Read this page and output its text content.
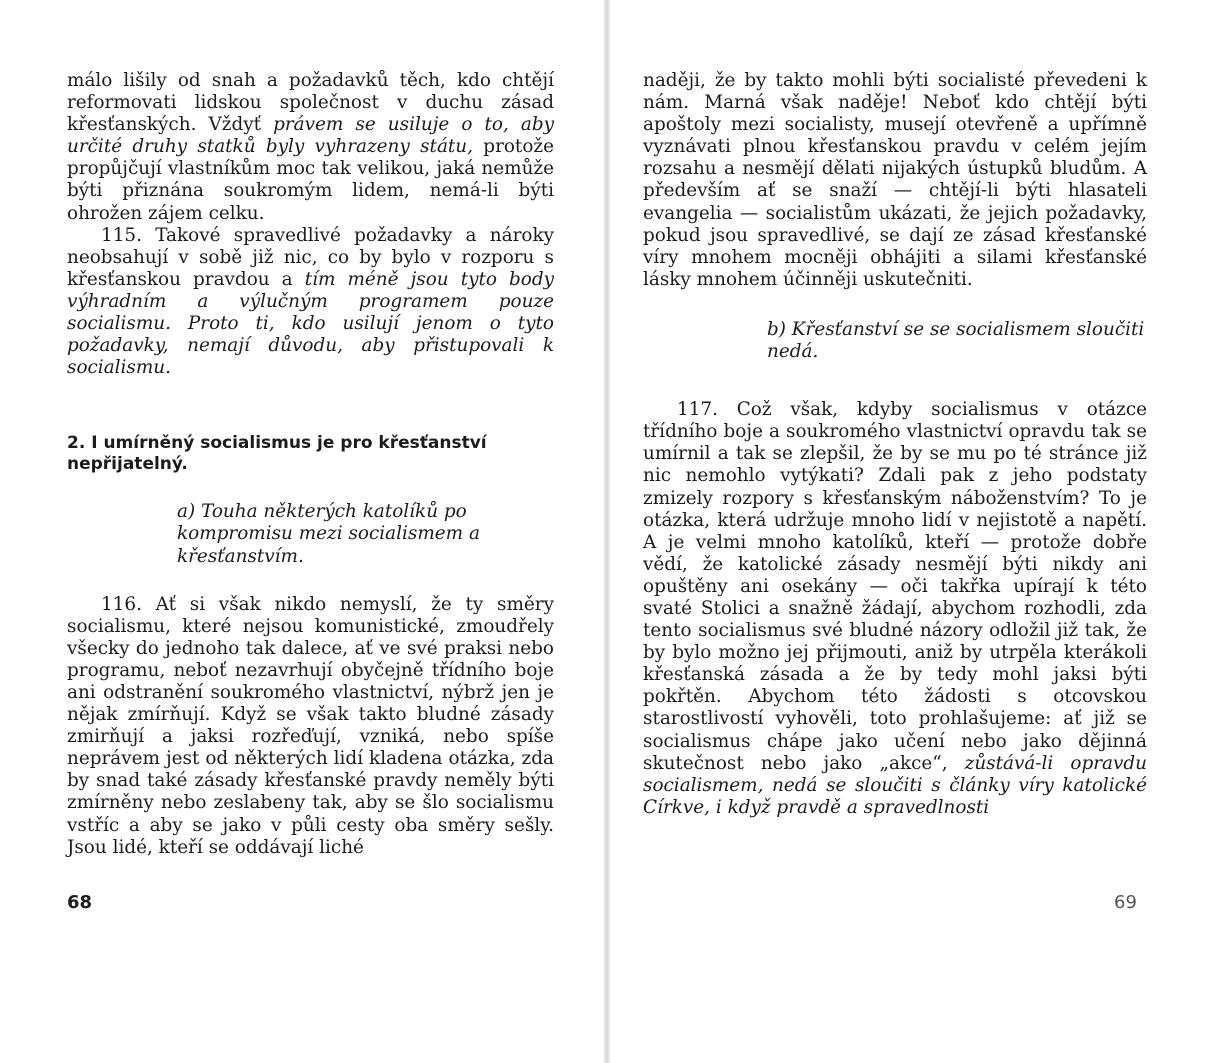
málo lišily od snah a požadavků těch, kdo chtějí reformovati lidskou společnost v duchu zásad křesťanských. Vždyť právem se usiluje o to, aby určité druhy statků byly vyhrazeny státu, protože propůjčují vlastníkům moc tak velikou, jaká nemůže býti přiznána soukromým lidem, nemá-li býti ohrožen zájem celku.

115. Takové spravedlivé požadavky a nároky neobsahují v sobě již nic, co by bylo v rozporu s křesťanskou pravdou a tím méně jsou tyto body výhradním a výlučným programem pouze socialismu. Proto ti, kdo usilují jenom o tyto požadavky, nemají důvodu, aby přistupovali k socialismu.

2. I umírněný socialismus je pro křesťanství nepřijatelný.
a) Touha některých katolíků po kompromisu mezi socialismem a křesťanstvím.

116. Ať si však nikdo nemyslí, že ty směry socialismu, které nejsou komunistické, zmoudřely všecky do jednoho tak dalece, ať ve své praksi nebo programu, neboť nezavrhují obyčejně třídního boje ani odstranění soukromého vlastnictví, nýbrž jen je nějak zmírňují. Když se však takto bludné zásady zmirňují a jaksi rozřeďují, vzniká, nebo spíše neprávem jest od některých lidí kladena otázka, zda by snad také zásady křesťanské pravdy neměly býti zmírněny nebo zeslabeny tak, aby se šlo socialismu vstříc a aby se jako v půli cesty oba směry sešly. Jsou lidé, kteří se oddávají liché

68

naději, že by takto mohli býti socialisté převedeni k nám. Marná však naděje! Neboť kdo chtějí býti apoštoly mezi socialisty, musejí otevřeně a upřímně vyznávati plnou křesťanskou pravdu v celém jejím rozsahu a nesmějí dělati nijakých ústupků bludům. A především ať se snaží — chtějí-li býti hlasateli evangelia — socialistům ukázati, že jejich požadavky, pokud jsou spravedlivé, se dají ze zásad křesťanské víry mnohem mocněji obhájiti a silami křesťanské lásky mnohem účinněji uskutečniti.

b) Křesťanství se se socialismem sloučiti nedá.

117. Což však, kdyby socialismus v otázce třídního boje a soukromého vlastnictví opravdu tak se umírnil a tak se zlepšil, že by se mu po té stránce již nic nemohlo vytýkati? Zdali pak z jeho podstaty zmizely rozpory s křesťanským náboženstvím? To je otázka, která udržuje mnoho lidí v nejistotě a napětí. A je velmi mnoho katolíků, kteří — protože dobře vědí, že katolické zásady nesmějí býti nikdy ani opuštěny ani osekány — oči takřka upírají k této svaté Stolici a snažně žádají, abychom rozhodli, zda tento socialismus své bludné názory odložil již tak, že by bylo možno jej přijmouti, aniž by utrpěla kterákoli křesťanská zásada a že by tedy mohl jaksi býti pokřtěn. Abychom této žádosti s otcovskou starostlivostí vyhověli, toto prohlašujeme: ať již se socialismus chápe jako učení nebo jako dějinná skutečnost nebo jako „akce“, zůstává-li opravdu socialismem, nedá se sloučiti s články víry katolické Církve, i když pravdě a spravedlnosti

69
